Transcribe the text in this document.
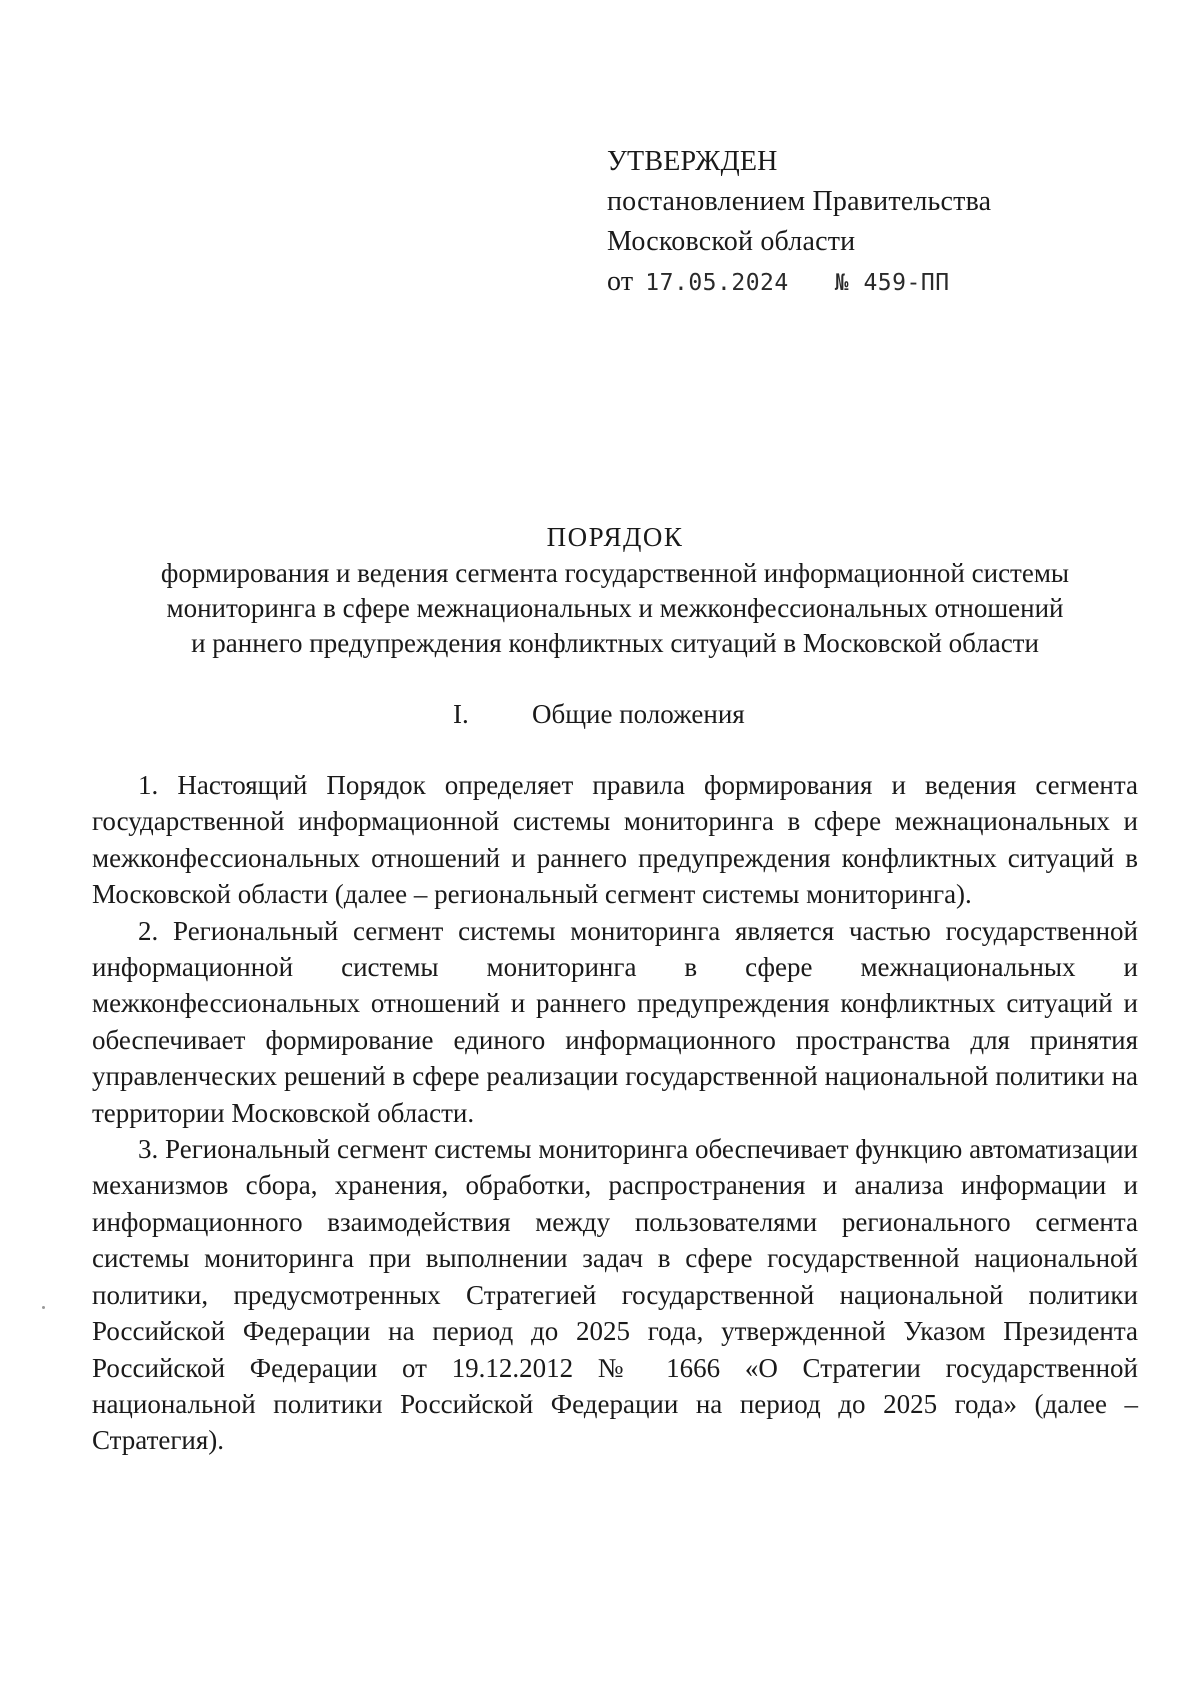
УТВЕРЖДЕН
постановлением Правительства
Московской области
от 17.05.2024 № 459-ПП
ПОРЯДОК
формирования и ведения сегмента государственной информационной системы
мониторинга в сфере межнациональных и межконфессиональных отношений
и раннего предупреждения конфликтных ситуаций в Московской области
I. Общие положения

1. Настоящий Порядок определяет правила формирования и ведения сегмента государственной информационной системы мониторинга в сфере межнациональных и межконфессиональных отношений и раннего предупреждения конфликтных ситуаций в Московской области (далее – региональный сегмент системы мониторинга).

2. Региональный сегмент системы мониторинга является частью государственной информационной системы мониторинга в сфере межнациональных и межконфессиональных отношений и раннего предупреждения конфликтных ситуаций и обеспечивает формирование единого информационного пространства для принятия управленческих решений в сфере реализации государственной национальной политики на территории Московской области.

3. Региональный сегмент системы мониторинга обеспечивает функцию автоматизации механизмов сбора, хранения, обработки, распространения и анализа информации и информационного взаимодействия между пользователями регионального сегмента системы мониторинга при выполнении задач в сфере государственной национальной политики, предусмотренных Стратегией государственной национальной политики Российской Федерации на период до 2025 года, утвержденной Указом Президента Российской Федерации от 19.12.2012 № 1666 «О Стратегии государственной национальной политики Российской Федерации на период до 2025 года» (далее – Стратегия).
